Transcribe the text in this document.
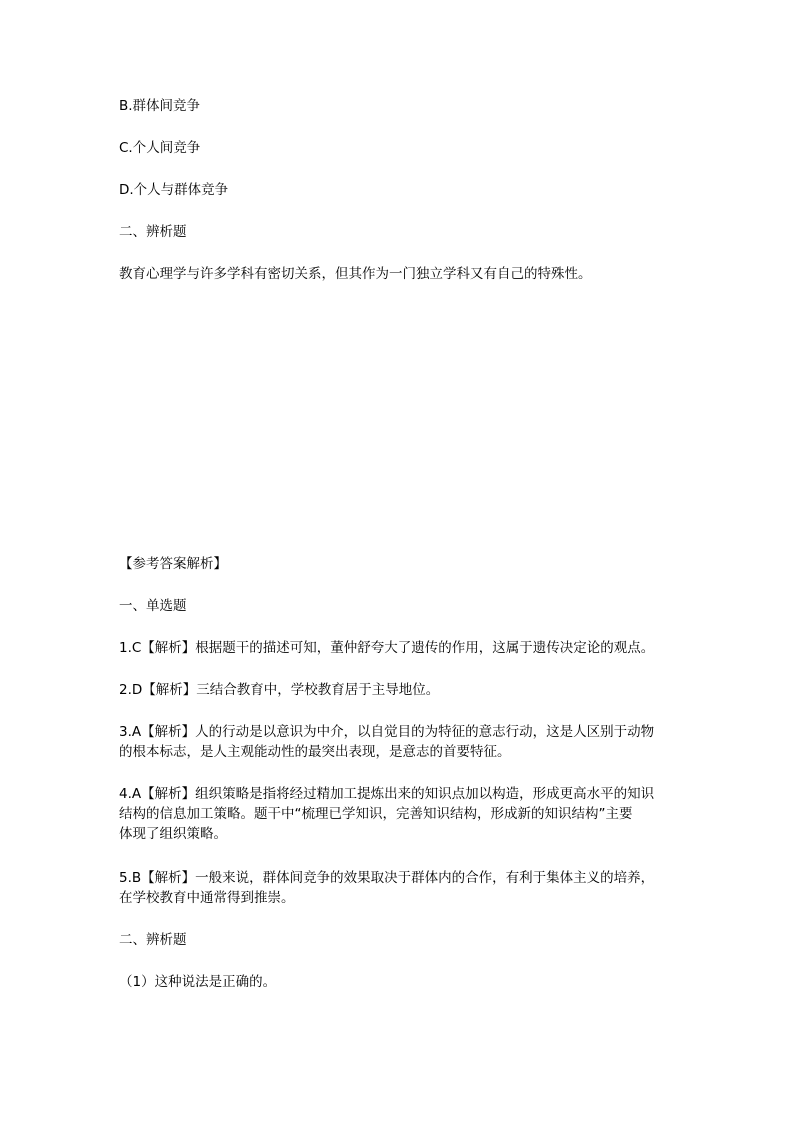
B.群体间竞争
C.个人间竞争
D.个人与群体竞争
二、辨析题
教育心理学与许多学科有密切关系，但其作为一门独立学科又有自己的特殊性。
【参考答案解析】
一、单选题
1.C【解析】根据题干的描述可知，董仲舒夸大了遗传的作用，这属于遗传决定论的观点。
2.D【解析】三结合教育中，学校教育居于主导地位。
3.A【解析】人的行动是以意识为中介，以自觉目的为特征的意志行动，这是人区别于动物
的根本标志，是人主观能动性的最突出表现，是意志的首要特征。
4.A【解析】组织策略是指将经过精加工提炼出来的知识点加以构造，形成更高水平的知识
结构的信息加工策略。题干中“梳理已学知识，完善知识结构，形成新的知识结构”主要
体现了组织策略。
5.B【解析】一般来说，群体间竞争的效果取决于群体内的合作，有利于集体主义的培养，
在学校教育中通常得到推崇。
二、辨析题
（1）这种说法是正确的。
